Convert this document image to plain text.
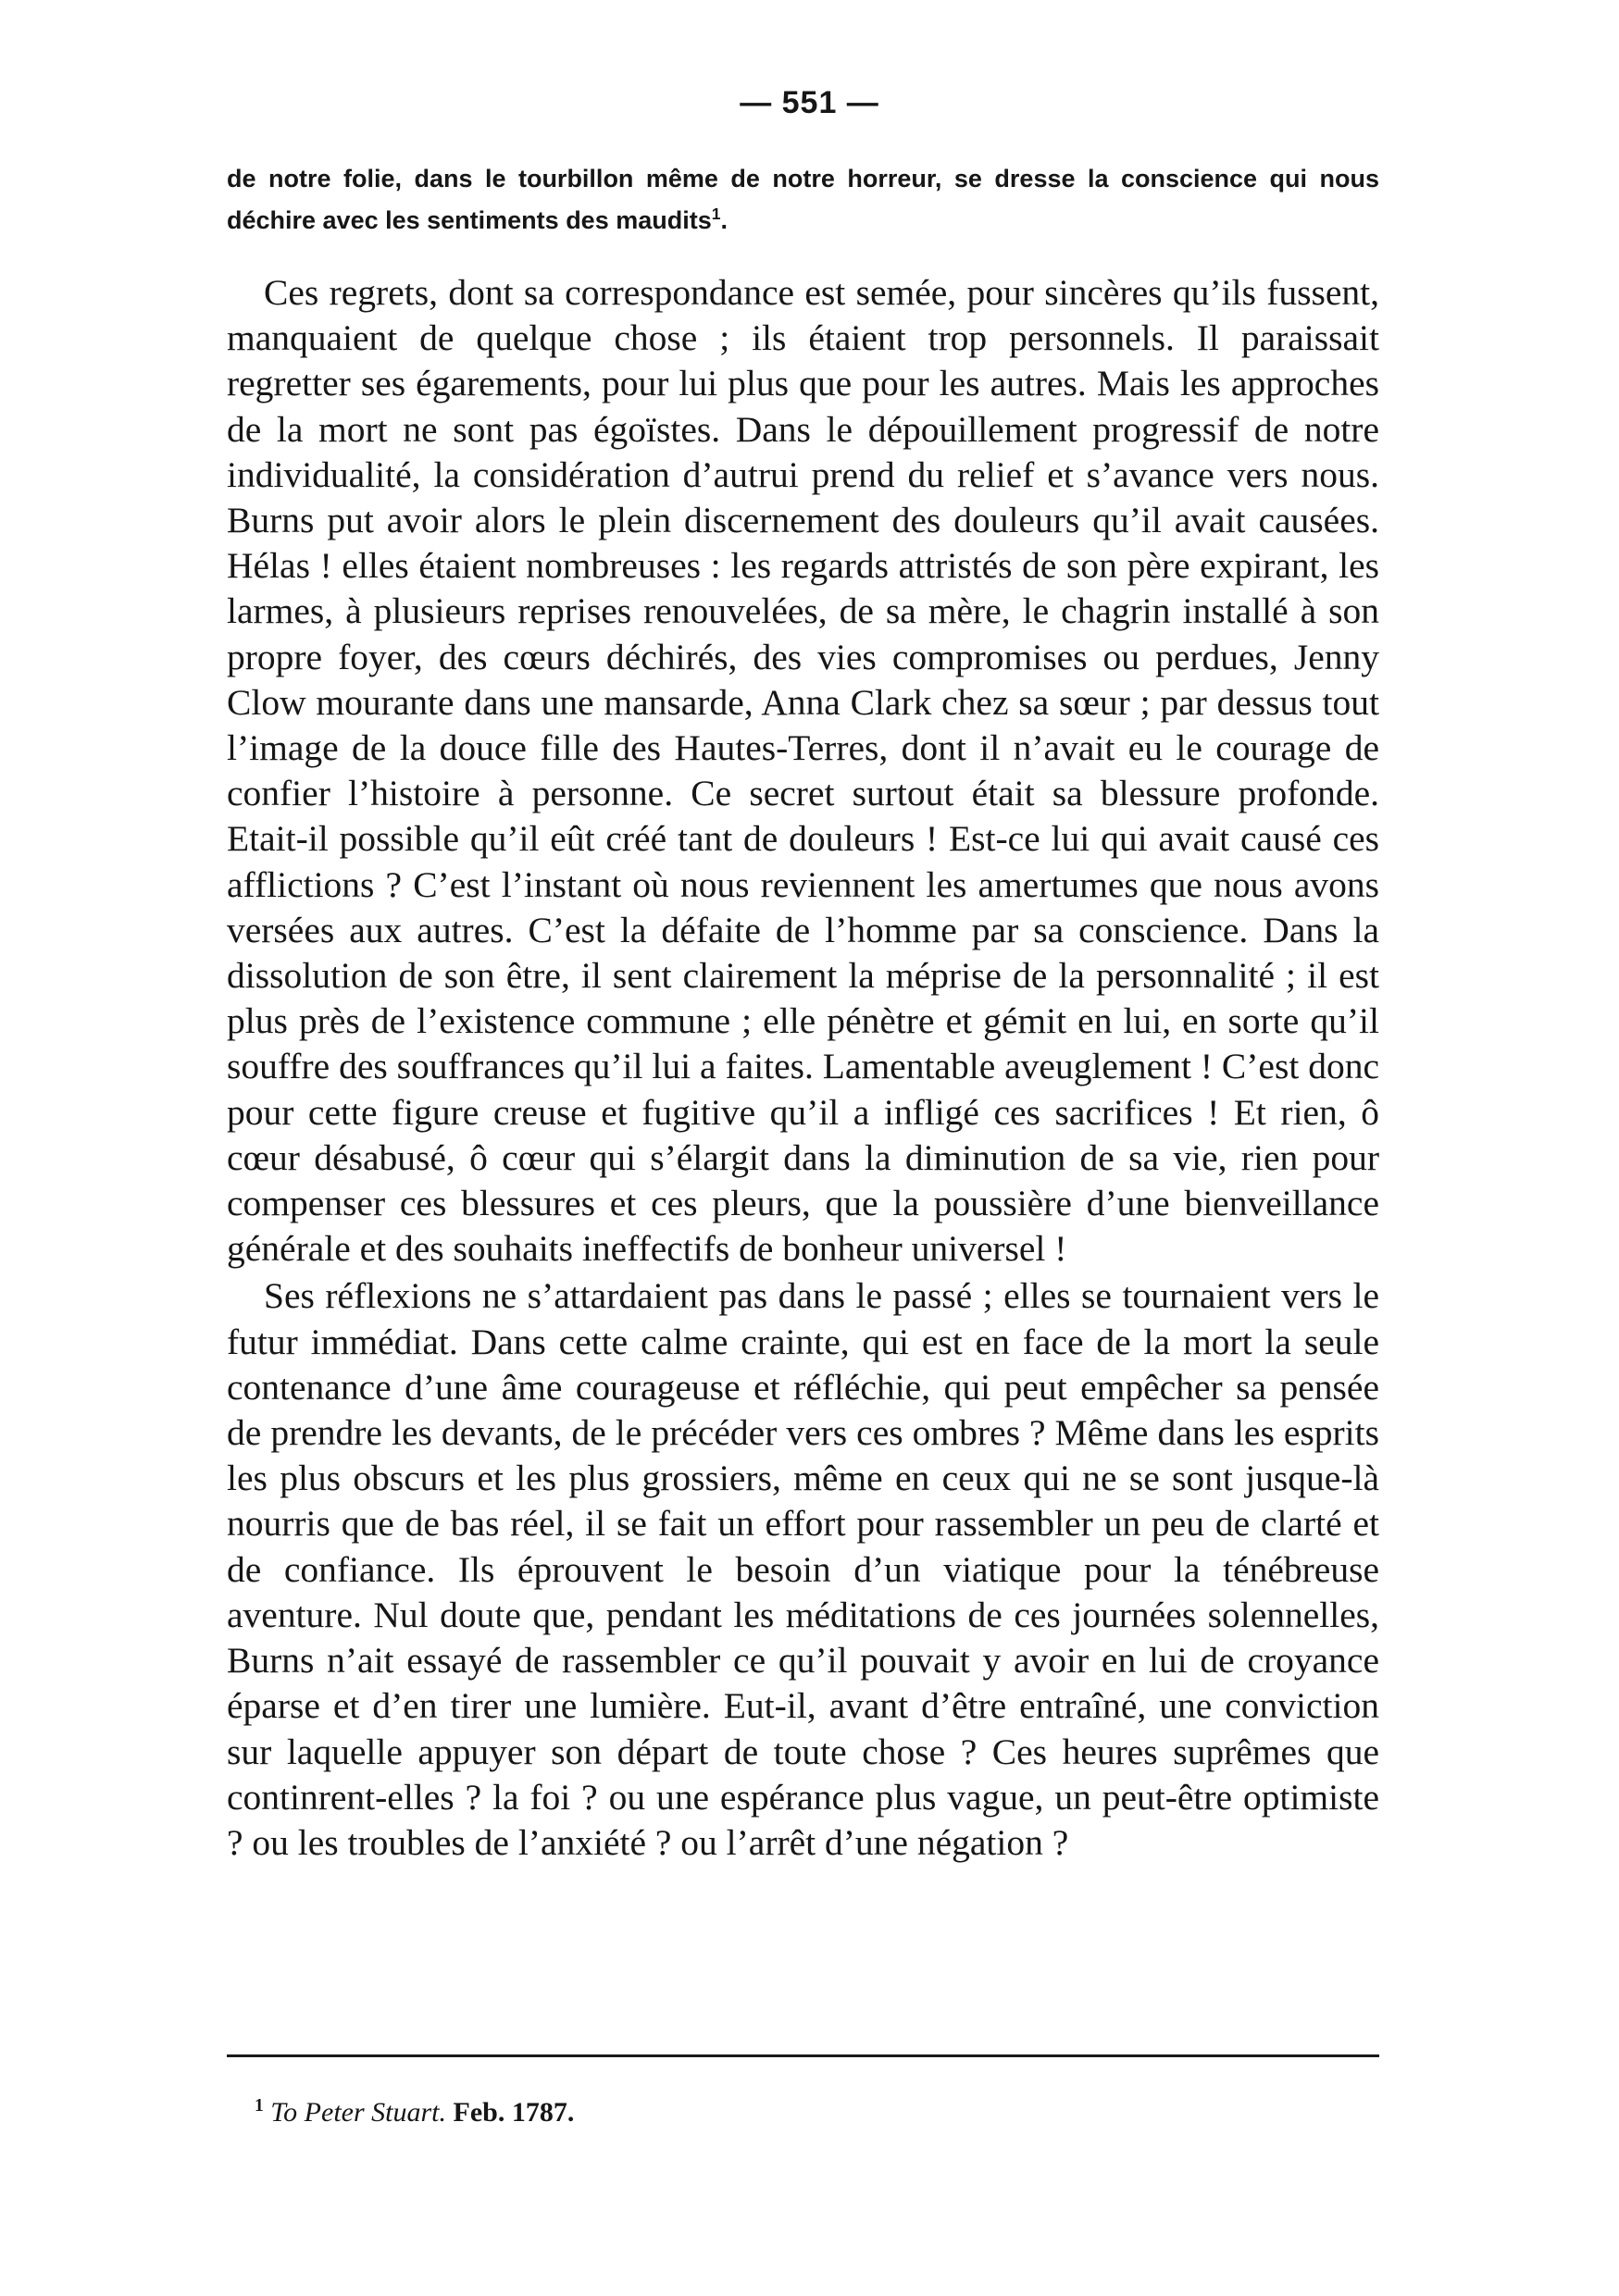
— 551 —
de notre folie, dans le tourbillon même de notre horreur, se dresse la conscience qui nous déchire avec les sentiments des maudits$^1$.

Ces regrets, dont sa correspondance est semée, pour sincères qu’ils fussent, manquaient de quelque chose ; ils étaient trop personnels. Il paraissait regretter ses égarements, pour lui plus que pour les autres. Mais les approches de la mort ne sont pas égoïstes. Dans le dépouillement progressif de notre individualité, la considération d’autrui prend du relief et s’avance vers nous. Burns put avoir alors le plein discernement des douleurs qu’il avait causées. Hélas ! elles étaient nombreuses : les regards attristés de son père expirant, les larmes, à plusieurs reprises renouvelées, de sa mère, le chagrin installé à son propre foyer, des cœurs déchirés, des vies compromises ou perdues, Jenny Clow mourante dans une mansarde, Anna Clark chez sa sœur ; par dessus tout l’image de la douce fille des Hautes-Terres, dont il n’avait eu le courage de confier l’histoire à personne. Ce secret surtout était sa blessure profonde. Etait-il possible qu’il eût créé tant de douleurs ! Est-ce lui qui avait causé ces afflictions ? C’est l’instant où nous reviennent les amertumes que nous avons versées aux autres. C’est la défaite de l’homme par sa conscience. Dans la dissolution de son être, il sent clairement la méprise de la personnalité ; il est plus près de l’existence commune ; elle pénètre et gémit en lui, en sorte qu’il souffre des souffrances qu’il lui a faites. Lamentable aveuglement ! C’est donc pour cette figure creuse et fugitive qu’il a infligé ces sacrifices ! Et rien, ô cœur désabusé, ô cœur qui s’élargit dans la diminution de sa vie, rien pour compenser ces blessures et ces pleurs, que la poussière d’une bienveillance générale et des souhaits ineffectifs de bonheur universel !

Ses réflexions ne s’attardaient pas dans le passé ; elles se tournaient vers le futur immédiat. Dans cette calme crainte, qui est en face de la mort la seule contenance d’une âme courageuse et réfléchie, qui peut empêcher sa pensée de prendre les devants, de le précéder vers ces ombres ? Même dans les esprits les plus obscurs et les plus grossiers, même en ceux qui ne se sont jusque-là nourris que de bas réel, il se fait un effort pour rassembler un peu de clarté et de confiance. Ils éprouvent le besoin d’un viatique pour la ténébreuse aventure. Nul doute que, pendant les méditations de ces journées solennelles, Burns n’ait essayé de rassembler ce qu’il pouvait y avoir en lui de croyance éparse et d’en tirer une lumière. Eut-il, avant d’être entraîné, une conviction sur laquelle appuyer son départ de toute chose ? Ces heures suprêmes que continrent-elles ? la foi ? ou une espérance plus vague, un peut-être optimiste ? ou les troubles de l’anxiété ? ou l’arrêt d’une négation ?

$^1$ To Peter Stuart. Feb. 1787.
